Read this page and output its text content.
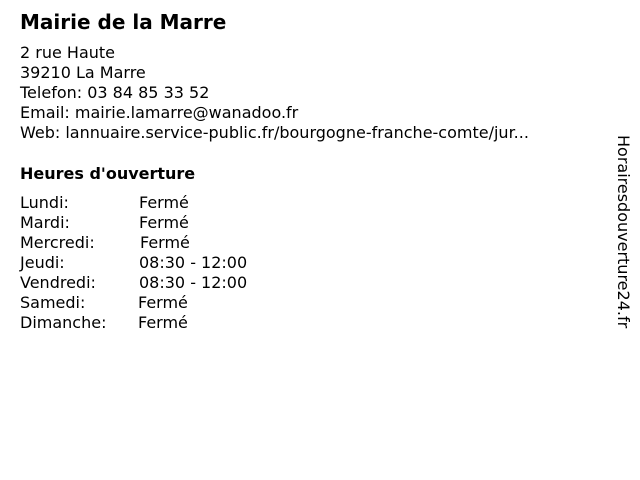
Mairie de la Marre
2 rue Haute
39210 La Marre
Telefon: 03 84 85 33 52
Email: mairie.lamarre@wanadoo.fr
Web: lannuaire.service-public.fr/bourgogne-franche-comte/jur...
Heures d'ouverture
Lundi:	Fermé
Mardi:	Fermé
Mercredi:	Fermé
Jeudi:	08:30 - 12:00
Vendredi:	08:30 - 12:00
Samedi:	Fermé
Dimanche: Fermé	Horairesdouverture24.fr
